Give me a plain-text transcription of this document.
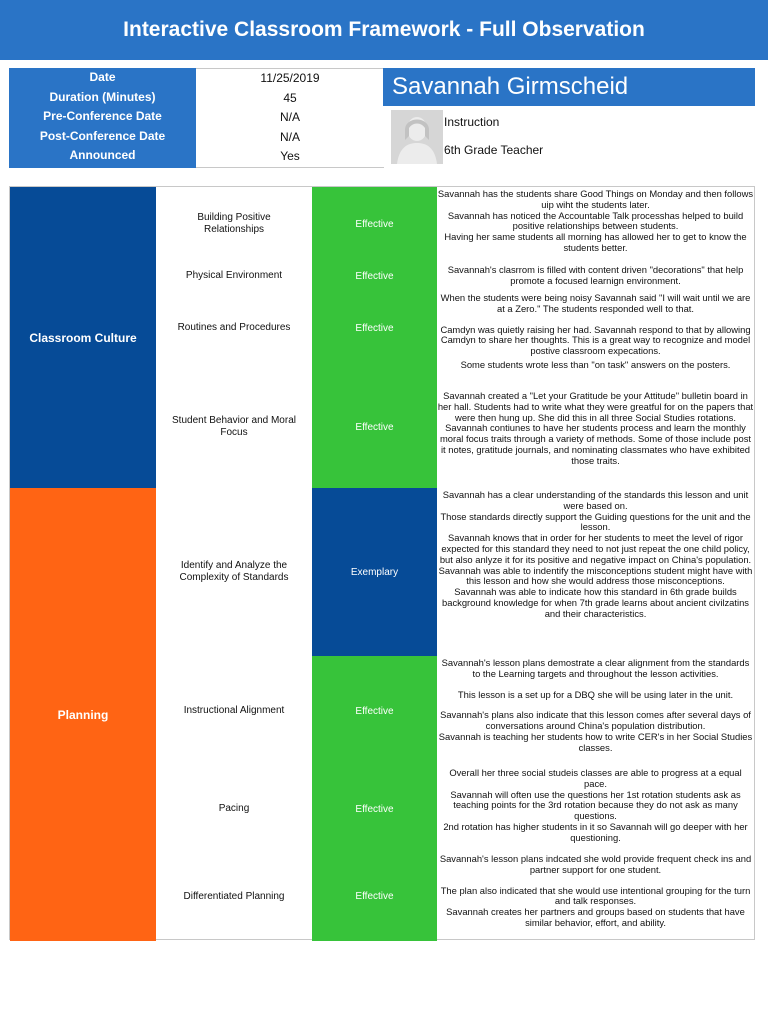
Interactive Classroom Framework - Full Observation
Date
Duration (Minutes)
Pre-Conference Date
Post-Conference Date
Announced
11/25/2019
45
N/A
N/A
Yes
Savannah Girmscheid
Instruction
6th Grade Teacher
Classroom Culture
Planning
Building Positive Relationships
Physical Environment
Routines and Procedures
Student Behavior and Moral Focus
Identify and Analyze the Complexity of Standards
Instructional Alignment
Pacing
Differentiated Planning
Exemplary
Effective
Effective
Effective
Effective
Effective
Effective
Effective
Savannah has the students share Good Things on Monday and then follows uip wiht the students later.
Savannah has noticed the Accountable Talk processhas helped to build positive relationships between students.
Having her same students all morning has allowed her to get to know the students better.
Savannah's clasrrom is filled with content driven "decorations" that help promote a focused learnign environment.
When the students were being noisy Savannah said "I will wait until we are at a Zero." The students responded well to that.
Camdyn was quietly raising her had. Savannah respond to that by allowing Camdyn to share her thoughts. This is a great way to recognize and model postive classroom expecations.
Some students wrote less than "on task" answers on the posters.
Savannah created a "Let your Gratitude be your Attitude" bulletin board in her hall. Students had to write what they were greatful for on the papers that were then hung up. She did this in all three Social Studies rotations.
Savannah contiunes to have her students process and learn the monthly moral focus traits through a variety of methods. Some of those include post it notes, gratitude journals, and nominating classmates who have exhibited those traits.
Savannah has a clear understanding of the standards this lesson and unit were based on.
Those standards directly support the Guiding questions for the unit and the lesson.
Savannah knows that in order for her students to meet the level of rigor expected for this standard they need to not just repeat the one child policy, but also anlyze it for its positive and negative impact on China's population.
Savannah was able to indentify the misconceptions student might have with this lesson and how she would address those misconceptions.
Savannah was able to indicate how this standard in 6th grade builds background knowledge for when 7th grade learns about ancient civilzatins and their characteristics.
Savannah's lesson plans demostrate a clear alignment from the standards to the Learning targets and throughout the lesson activities.
This lesson is a set up for a DBQ she will be using later in the unit.
Savannah's plans also indicate that this lesson comes after several days of conversations around China's population distribution.
Savannah is teaching her students how to write CER's in her Social Studies classes.
Overall her three social studeis classes are able to progress at a equal pace.
Savannah will often use the questions her 1st rotation students ask as teaching points for the 3rd rotation because they do not ask as many questions.
2nd rotation has higher students in it so Savannah will go deeper with her questioning.
Savannah's lesson plans indcated she wold provide frequent check ins and partner support for one student.
The plan also indicated that she would use intentional grouping for the turn and talk responses.
Savannah creates her partners and groups based on students that have similar behavior, effort, and ability.
